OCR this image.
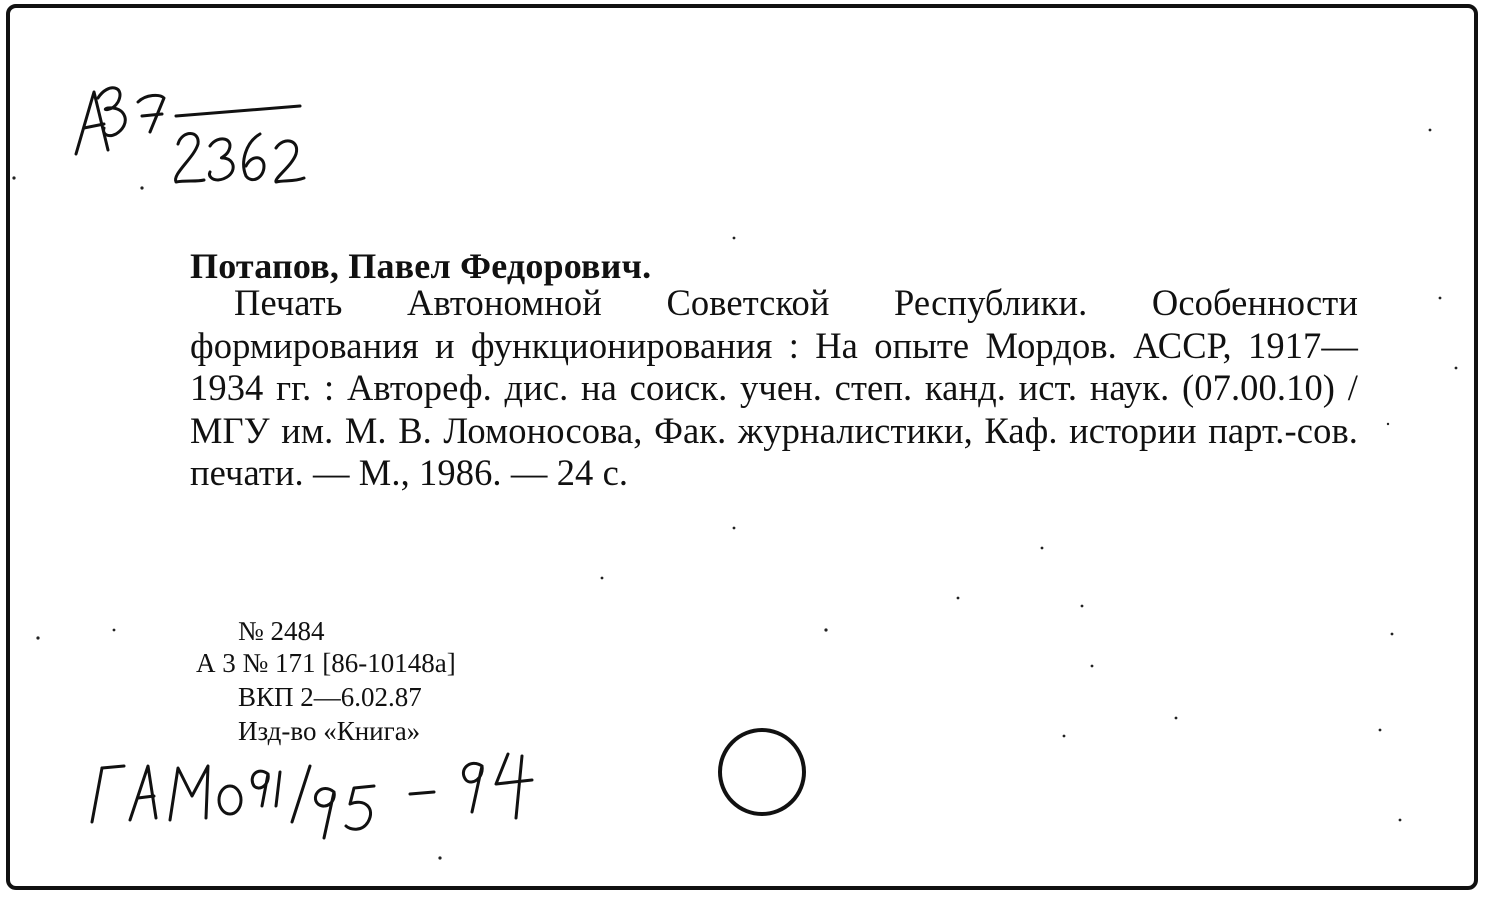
Потапов, Павел Федорович.

Печать Автономной Советской Республики. Особенности формирования и функционирования : На опыте Мордов. АССР, 1917—1934 гг. : Автореф. дис. на соиск. учен. степ. канд. ист. наук. (07.00.10) / МГУ им. М. В. Ломоносова, Фак. журналистики, Каф. истории парт.-сов. печати. — М., 1986. — 24 с.

№ 2484
А 3 № 171 [86-10148а]
ВКП 2—6.02.87
Изд-во «Книга»
